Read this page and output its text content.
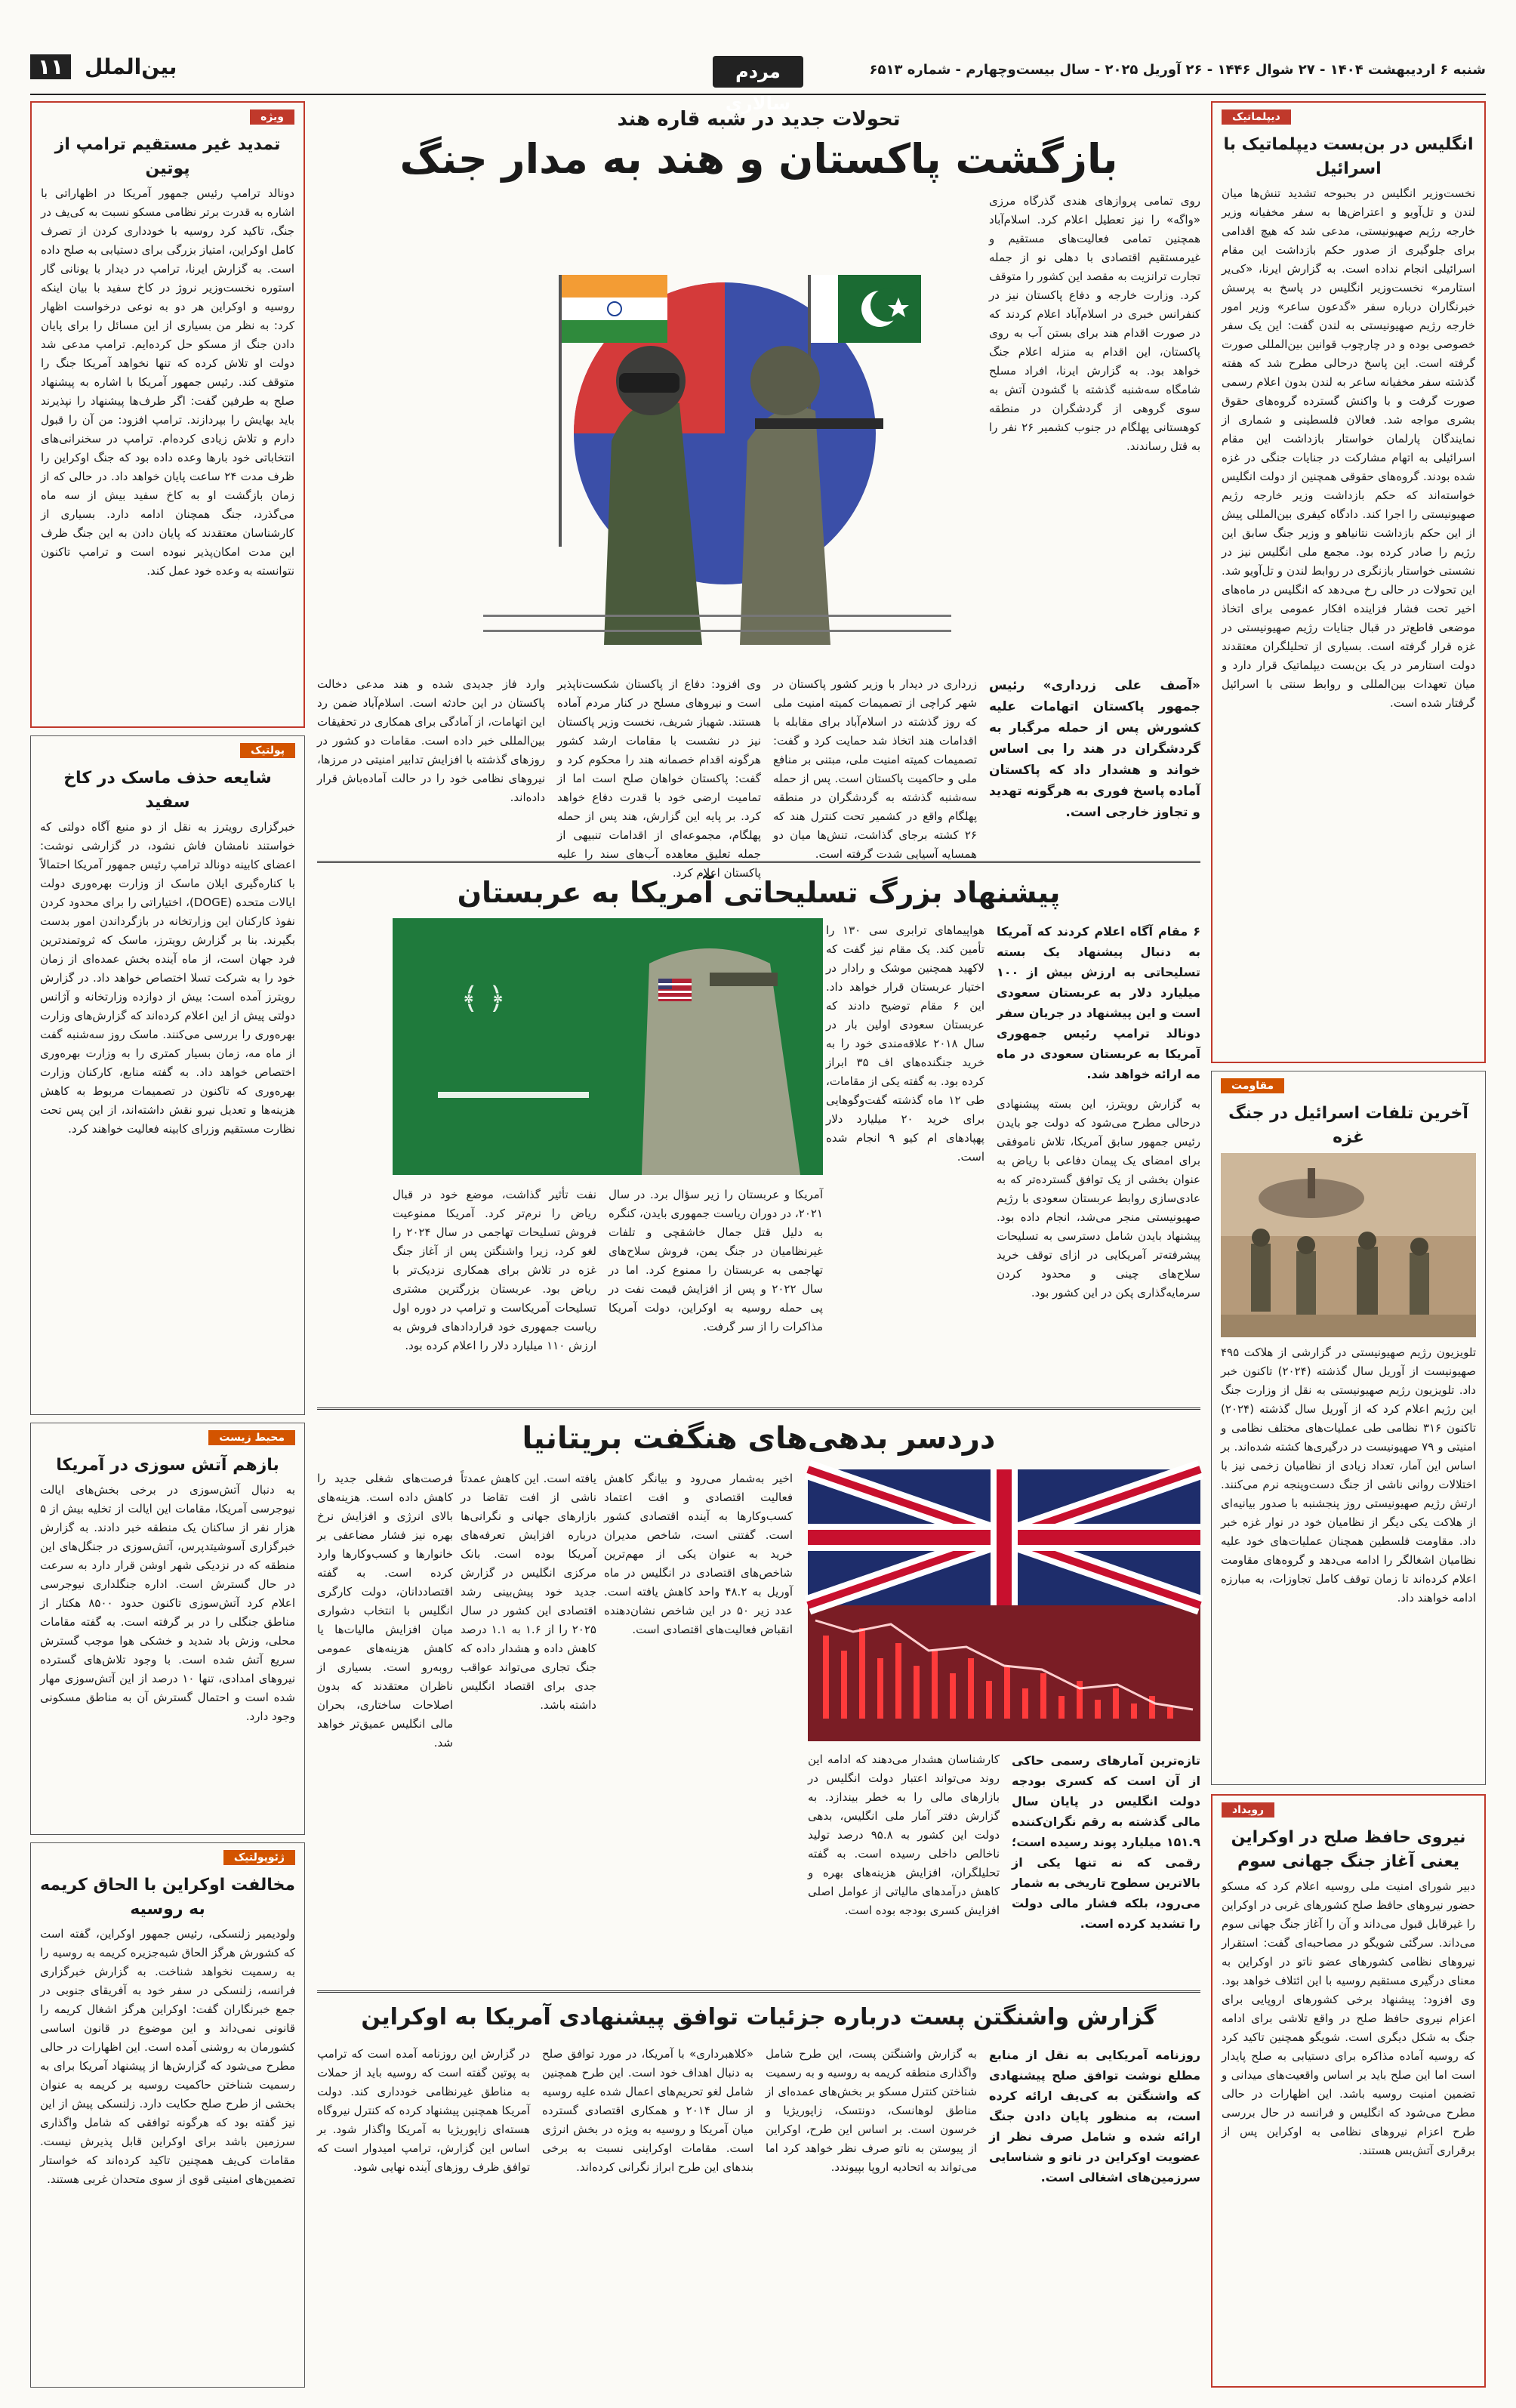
شنبه ۶ اردیبهشت ۱۴۰۴ - ۲۷ شوال ۱۴۴۶ - ۲۶ آوریل ۲۰۲۵ - سال بیست‌وچهارم - شماره ۶۵۱۳
مردم سالاری
بین‌الملل ۱۱
دیپلماتیک
انگلیس در بن‌بست دیپلماتیک با اسرائیل
نخست‌وزیر انگلیس در بحبوحه تشدید تنش‌ها میان لندن و تل‌آویو و اعتراض‌ها به سفر مخفیانه وزیر خارجه رژیم صهیونیستی، مدعی شد که هیچ اقدامی برای جلوگیری از صدور حکم بازداشت این مقام اسرائیلی انجام نداده است. به گزارش ایرنا، «کی‌یر استارمر» نخست‌وزیر انگلیس در پاسخ به پرسش خبرنگاران درباره سفر «گدعون ساعر» وزیر امور خارجه رژیم صهیونیستی به لندن گفت: این یک سفر خصوصی بوده و در چارچوب قوانین بین‌المللی صورت گرفته است. این پاسخ درحالی مطرح شد که هفته گذشته سفر مخفیانه ساعر به لندن بدون اعلام رسمی صورت گرفت و با واکنش گسترده گروه‌های حقوق بشری مواجه شد. فعالان فلسطینی و شماری از نمایندگان پارلمان خواستار بازداشت این مقام اسرائیلی به اتهام مشارکت در جنایات جنگی در غزه شده بودند. گروه‌های حقوقی همچنین از دولت انگلیس خواسته‌اند که حکم بازداشت وزیر خارجه رژیم صهیونیستی را اجرا کند. دادگاه کیفری بین‌المللی پیش از این حکم بازداشت نتانیاهو و وزیر جنگ سابق این رژیم را صادر کرده بود. مجمع ملی انگلیس نیز در نشستی خواستار بازنگری در روابط لندن و تل‌آویو شد. این تحولات در حالی رخ می‌دهد که انگلیس در ماه‌های اخیر تحت فشار فزاینده افکار عمومی برای اتخاذ موضعی قاطع‌تر در قبال جنایات رژیم صهیونیستی در غزه قرار گرفته است. بسیاری از تحلیلگران معتقدند دولت استارمر در یک بن‌بست دیپلماتیک قرار دارد و میان تعهدات بین‌المللی و روابط سنتی با اسرائیل گرفتار شده است.
مقاومت
آخرین تلفات اسرائیل در جنگ غزه
تلویزیون رژیم صهیونیستی در گزارشی از هلاکت ۴۹۵ صهیونیست از آوریل سال گذشته (۲۰۲۴) تاکنون خبر داد. تلویزیون رژیم صهیونیستی به نقل از وزارت جنگ این رژیم اعلام کرد که از آوریل سال گذشته (۲۰۲۴) تاکنون ۳۱۶ نظامی طی عملیات‌های مختلف نظامی و امنیتی و ۷۹ صهیونیست در درگیری‌ها کشته شده‌اند. بر اساس این آمار، تعداد زیادی از نظامیان زخمی نیز با اختلالات روانی ناشی از جنگ دست‌وپنجه نرم می‌کنند. ارتش رژیم صهیونیستی روز پنجشنبه با صدور بیانیه‌ای از هلاکت یکی دیگر از نظامیان خود در نوار غزه خبر داد. مقاومت فلسطین همچنان عملیات‌های خود علیه نظامیان اشغالگر را ادامه می‌دهد و گروه‌های مقاومت اعلام کرده‌اند تا زمان توقف کامل تجاوزات، به مبارزه ادامه خواهند داد.
رویداد
نیروی حافظ صلح در اوکراین یعنی آغاز جنگ جهانی سوم
دبیر شورای امنیت ملی روسیه اعلام کرد که مسکو حضور نیروهای حافظ صلح کشورهای غربی در اوکراین را غیرقابل قبول می‌داند و آن را آغاز جنگ جهانی سوم می‌داند. سرگئی شویگو در مصاحبه‌ای گفت: استقرار نیروهای نظامی کشورهای عضو ناتو در اوکراین به معنای درگیری مستقیم روسیه با این ائتلاف خواهد بود. وی افزود: پیشنهاد برخی کشورهای اروپایی برای اعزام نیروی حافظ صلح در واقع تلاشی برای ادامه جنگ به شکل دیگری است. شویگو همچنین تاکید کرد که روسیه آماده مذاکره برای دستیابی به صلح پایدار است اما این صلح باید بر اساس واقعیت‌های میدانی و تضمین امنیت روسیه باشد. این اظهارات در حالی مطرح می‌شود که انگلیس و فرانسه در حال بررسی طرح اعزام نیروهای نظامی به اوکراین پس از برقراری آتش‌بس هستند.
ویژه
تمدید غیر مستقیم ترامپ از پوتین
دونالد ترامپ رئیس جمهور آمریکا در اظهاراتی با اشاره به قدرت برتر نظامی مسکو نسبت به کی‌یف در جنگ، تاکید کرد روسیه با خودداری کردن از تصرف کامل اوکراین، امتیاز بزرگی برای دستیابی به صلح داده است. به گزارش ایرنا، ترامپ در دیدار با یونانی گار استوره نخست‌وزیر نروژ در کاخ سفید با بیان اینکه روسیه و اوکراین هر دو به نوعی درخواست اظهار کرد: به نظر من بسیاری از این مسائل را برای پایان دادن جنگ از مسکو حل کرده‌ایم. ترامپ مدعی شد دولت او تلاش کرده که تنها نخواهد آمریکا جنگ را متوقف کند. رئیس جمهور آمریکا با اشاره به پیشنهاد صلح به طرفین گفت: اگر طرف‌ها پیشنهاد را نپذیرند باید بهایش را بپردازند. ترامپ افزود: من آن را قبول دارم و تلاش زیادی کرده‌ام. ترامپ در سخنرانی‌های انتخاباتی خود بارها وعده داده بود که جنگ اوکراین را ظرف مدت ۲۴ ساعت پایان خواهد داد. در حالی که از زمان بازگشت او به کاخ سفید بیش از سه ماه می‌گذرد، جنگ همچنان ادامه دارد. بسیاری از کارشناسان معتقدند که پایان دادن به این جنگ ظرف این مدت امکان‌پذیر نبوده است و ترامپ تاکنون نتوانسته به وعده خود عمل کند.
پولتیک
شایعه حذف ماسک در کاخ سفید
خبرگزاری رویترز به نقل از دو منبع آگاه دولتی که خواستند نامشان فاش نشود، در گزارشی نوشت: اعضای کابینه دونالد ترامپ رئیس جمهور آمریکا احتمالاً با کناره‌گیری ایلان ماسک از وزارت بهره‌وری دولت ایالات متحده (DOGE)، اختیاراتی را برای محدود کردن نفوذ کارکنان این وزارتخانه در بازگرداندن امور بدست بگیرند. بنا بر گزارش رویترز، ماسک که ثروتمندترین فرد جهان است، از ماه آینده بخش عمده‌ای از زمان خود را به شرکت تسلا اختصاص خواهد داد. در گزارش رویترز آمده است: بیش از دوازده وزارتخانه و آژانس دولتی پیش از این اعلام کرده‌اند که گزارش‌های وزارت بهره‌وری را بررسی می‌کنند. ماسک روز سه‌شنبه گفت از ماه مه، زمان بسیار کمتری را به وزارت بهره‌وری اختصاص خواهد داد. به گفته منابع، کارکنان وزارت بهره‌وری که تاکنون در تصمیمات مربوط به کاهش هزینه‌ها و تعدیل نیرو نقش داشته‌اند، از این پس تحت نظارت مستقیم وزرای کابینه فعالیت خواهند کرد.
محیط زیست
بازهم آتش سوزی در آمریکا
به دنبال آتش‌سوزی در برخی بخش‌های ایالت نیوجرسی آمریکا، مقامات این ایالت از تخلیه بیش از ۵ هزار نفر از ساکنان یک منطقه خبر دادند. به گزارش خبرگزاری آسوشیتدپرس، آتش‌سوزی در جنگل‌های این منطقه که در نزدیکی شهر اوشن قرار دارد به سرعت در حال گسترش است. اداره جنگلداری نیوجرسی اعلام کرد آتش‌سوزی تاکنون حدود ۸۵۰۰ هکتار از مناطق جنگلی را در بر گرفته است. به گفته مقامات محلی، وزش باد شدید و خشکی هوا موجب گسترش سریع آتش شده است. با وجود تلاش‌های گسترده نیروهای امدادی، تنها ۱۰ درصد از این آتش‌سوزی مهار شده است و احتمال گسترش آن به مناطق مسکونی وجود دارد.
ژئوپولتیک
مخالفت اوکراین با الحاق کریمه به روسیه
ولودیمیر زلنسکی، رئیس جمهور اوکراین، گفته است که کشورش هرگز الحاق شبه‌جزیره کریمه به روسیه را به رسمیت نخواهد شناخت. به گزارش خبرگزاری فرانسه، زلنسکی در سفر خود به آفریقای جنوبی در جمع خبرنگاران گفت: اوکراین هرگز اشغال کریمه را قانونی نمی‌داند و این موضوع در قانون اساسی کشورمان به روشنی آمده است. این اظهارات در حالی مطرح می‌شود که گزارش‌ها از پیشنهاد آمریکا برای به رسمیت شناختن حاکمیت روسیه بر کریمه به عنوان بخشی از طرح صلح حکایت دارد. زلنسکی پیش از این نیز گفته بود که هرگونه توافقی که شامل واگذاری سرزمین باشد برای اوکراین قابل پذیرش نیست. مقامات کی‌یف همچنین تاکید کرده‌اند که خواستار تضمین‌های امنیتی قوی از سوی متحدان غربی هستند.
تحولات جدید در شبه قاره هند
بازگشت پاکستان و هند به مدار جنگ
روی تمامی پروازهای هندی گذرگاه مرزی «واگه» را نیز تعطیل اعلام کرد. اسلام‌آباد همچنین تمامی فعالیت‌های مستقیم و غیرمستقیم اقتصادی با دهلی نو از جمله تجارت ترانزیت به مقصد این کشور را متوقف کرد. وزارت خارجه و دفاع پاکستان نیز در کنفرانس خبری در اسلام‌آباد اعلام کردند که در صورت اقدام هند برای بستن آب به روی پاکستان، این اقدام به منزله اعلام جنگ خواهد بود. به گزارش ایرنا، افراد مسلح شامگاه سه‌شنبه گذشته با گشودن آتش به سوی گروهی از گردشگران در منطقه کوهستانی پهلگام در جنوب کشمیر ۲۶ نفر را به قتل رساندند.
«آصف علی زرداری» رئیس جمهور پاکستان اتهامات علیه کشورش پس از حمله مرگبار به گردشگران در هند را بی اساس خواند و هشدار داد که پاکستان آماده پاسخ فوری به هرگونه تهدید و تجاوز خارجی است.
زرداری در دیدار با وزیر کشور پاکستان در شهر کراچی از تصمیمات کمیته امنیت ملی که روز گذشته در اسلام‌آباد برای مقابله با اقدامات هند اتخاذ شد حمایت کرد و گفت: تصمیمات کمیته امنیت ملی، مبتنی بر منافع ملی و حاکمیت پاکستان است. پس از حمله سه‌شنبه گذشته به گردشگران در منطقه پهلگام واقع در کشمیر تحت کنترل هند که ۲۶ کشته برجای گذاشت، تنش‌ها میان دو همسایه آسیایی شدت گرفته است.
وی افزود: دفاع از پاکستان شکست‌ناپذیر است و نیروهای مسلح در کنار مردم آماده هستند. شهباز شریف، نخست وزیر پاکستان نیز در نشست با مقامات ارشد کشور هرگونه اقدام خصمانه هند را محکوم کرد و گفت: پاکستان خواهان صلح است اما از تمامیت ارضی خود با قدرت دفاع خواهد کرد. بر پایه این گزارش، هند پس از حمله پهلگام، مجموعه‌ای از اقدامات تنبیهی از جمله تعلیق معاهده آب‌های سند را علیه پاکستان اعلام کرد.
وارد فاز جدیدی شده و هند مدعی دخالت پاکستان در این حادثه است. اسلام‌آباد ضمن رد این اتهامات، از آمادگی برای همکاری در تحقیقات بین‌المللی خبر داده است. مقامات دو کشور در روزهای گذشته با افزایش تدابیر امنیتی در مرزها، نیروهای نظامی خود را در حالت آماده‌باش قرار داده‌اند.
پیشنهاد بزرگ تسلیحاتی آمریکا به عربستان
۶ مقام آگاه اعلام کردند که آمریکا به دنبال پیشنهاد یک بسته تسلیحاتی به ارزش بیش از ۱۰۰ میلیارد دلار به عربستان سعودی است و این پیشنهاد در جریان سفر دونالد ترامپ رئیس جمهوری آمریکا به عربستان سعودی در ماه مه ارائه خواهد شد.
به گزارش رویترز، این بسته پیشنهادی درحالی مطرح می‌شود که دولت جو بایدن رئیس جمهور سابق آمریکا، تلاش ناموفقی برای امضای یک پیمان دفاعی با ریاض به عنوان بخشی از یک توافق گسترده‌تر که به عادی‌سازی روابط عربستان سعودی با رژیم صهیونیستی منجر می‌شد، انجام داده بود. پیشنهاد بایدن شامل دسترسی به تسلیحات پیشرفته‌تر آمریکایی در ازای توقف خرید سلاح‌های چینی و محدود کردن سرمایه‌گذاری پکن در این کشور بود.
هواپیماهای ترابری سی ۱۳۰ را تأمین کند. یک مقام نیز گفت که لاکهید همچنین موشک و رادار در اختیار عربستان قرار خواهد داد. این ۶ مقام توضیح دادند که عربستان سعودی اولین بار در سال ۲۰۱۸ علاقه‌مندی خود را به خرید جنگنده‌های اف ۳۵ ابراز کرده بود. به گفته یکی از مقامات، طی ۱۲ ماه گذشته گفت‌وگوهایی برای خرید ۲۰ میلیارد دلار پهپادهای ام کیو ۹ انجام شده است.
﴿ ﴾
آمریکا و عربستان را زیر سؤال برد. در سال ۲۰۲۱، در دوران ریاست جمهوری بایدن، کنگره به دلیل قتل جمال خاشقچی و تلفات غیرنظامیان در جنگ یمن، فروش سلاح‌های تهاجمی به عربستان را ممنوع کرد. اما در سال ۲۰۲۲ و پس از افزایش قیمت نفت در پی حمله روسیه به اوکراین، دولت آمریکا مذاکرات را از سر گرفت.
نفت تأثیر گذاشت، موضع خود در قبال ریاض را نرم‌تر کرد. آمریکا ممنوعیت فروش تسلیحات تهاجمی در سال ۲۰۲۴ را لغو کرد، زیرا واشنگتن پس از آغاز جنگ غزه در تلاش برای همکاری نزدیک‌تر با ریاض بود. عربستان بزرگترین مشتری تسلیحات آمریکاست و ترامپ در دوره اول ریاست جمهوری خود قراردادهای فروش به ارزش ۱۱۰ میلیارد دلار را اعلام کرده بود.
دردسر بدهی‌های هنگفت بریتانیا
تازه‌ترین آمارهای رسمی حاکی از آن است که کسری بودجه دولت انگلیس در پایان سال مالی گذشته به رقم نگران‌کننده ۱۵۱.۹ میلیارد پوند رسیده است؛ رقمی که نه تنها یکی از بالاترین سطوح تاریخی به شمار می‌رود، بلکه فشار مالی دولت را تشدید کرده است.
کارشناسان هشدار می‌دهند که ادامه این روند می‌تواند اعتبار دولت انگلیس در بازارهای مالی را به خطر بیندازد. به گزارش دفتر آمار ملی انگلیس، بدهی دولت این کشور به ۹۵.۸ درصد تولید ناخالص داخلی رسیده است. به گفته تحلیلگران، افزایش هزینه‌های بهره و کاهش درآمدهای مالیاتی از عوامل اصلی افزایش کسری بودجه بوده است.
اخیر به‌شمار می‌رود و بیانگر کاهش فعالیت اقتصادی و افت اعتماد کسب‌وکارها به آینده اقتصادی کشور است. گفتنی است، شاخص مدیران خرید به عنوان یکی از مهم‌ترین شاخص‌های اقتصادی در انگلیس در ماه آوریل به ۴۸.۲ واحد کاهش یافته است. عدد زیر ۵۰ در این شاخص نشان‌دهنده انقباض فعالیت‌های اقتصادی است.
یافته است. این کاهش عمدتاً ناشی از افت تقاضا در بازارهای جهانی و نگرانی‌ها درباره افزایش تعرفه‌های آمریکا بوده است. بانک مرکزی انگلیس در گزارش جدید خود پیش‌بینی رشد اقتصادی این کشور در سال ۲۰۲۵ را از ۱.۶ به ۱.۱ درصد کاهش داده و هشدار داده که جنگ تجاری می‌تواند عواقب جدی برای اقتصاد انگلیس داشته باشد.
فرصت‌های شغلی جدید را کاهش داده است. هزینه‌های بالای انرژی و افزایش نرخ بهره نیز فشار مضاعفی بر خانوارها و کسب‌وکارها وارد کرده است. به گفته اقتصاددانان، دولت کارگری انگلیس با انتخاب دشواری میان افزایش مالیات‌ها یا کاهش هزینه‌های عمومی روبه‌رو است. بسیاری از ناظران معتقدند که بدون اصلاحات ساختاری، بحران مالی انگلیس عمیق‌تر خواهد شد.
گزارش واشنگتن پست درباره جزئیات توافق پیشنهادی آمریکا به اوکراین
روزنامه آمریکایی به نقل از منابع مطلع نوشت توافق صلح پیشنهادی که واشنگتن به کی‌یف ارائه کرده است، به منظور پایان دادن جنگ ارائه شده و شامل صرف نظر از عضویت اوکراین در ناتو و شناسایی سرزمین‌های اشغالی است.
به گزارش واشنگتن پست، این طرح شامل واگذاری منطقه کریمه به روسیه و به رسمیت شناختن کنترل مسکو بر بخش‌های عمده‌ای از مناطق لوهانسک، دونتسک، زاپوریژیا و خرسون است. بر اساس این طرح، اوکراین از پیوستن به ناتو صرف نظر خواهد کرد اما می‌تواند به اتحادیه اروپا بپیوندد.
«کلاهبرداری» با آمریکا، در مورد توافق صلح به دنبال اهداف خود است. این طرح همچنین شامل لغو تحریم‌های اعمال شده علیه روسیه از سال ۲۰۱۴ و همکاری اقتصادی گسترده میان آمریکا و روسیه به ویژه در بخش انرژی است. مقامات اوکراینی نسبت به برخی بندهای این طرح ابراز نگرانی کرده‌اند.
در گزارش این روزنامه آمده است که ترامپ به پوتین گفته است که روسیه باید از حملات به مناطق غیرنظامی خودداری کند. دولت آمریکا همچنین پیشنهاد کرده که کنترل نیروگاه هسته‌ای زاپوریژیا به آمریکا واگذار شود. بر اساس این گزارش، ترامپ امیدوار است که توافق ظرف روزهای آینده نهایی شود.
